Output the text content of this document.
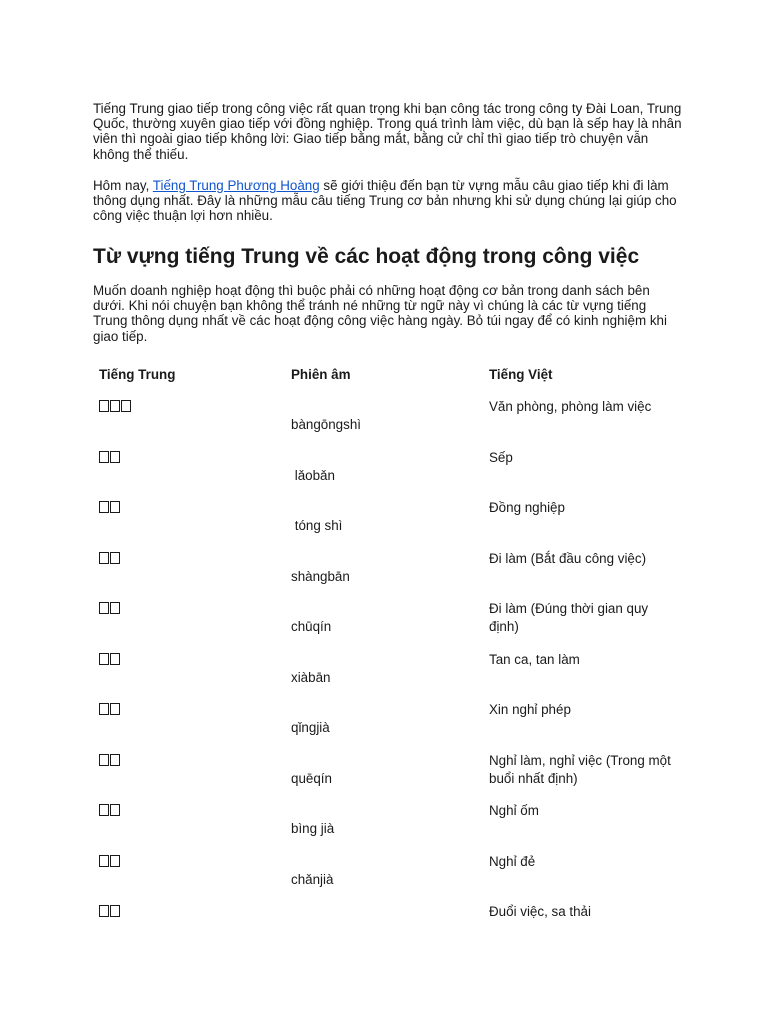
Tiếng Trung giao tiếp trong công việc rất quan trọng khi bạn công tác trong công ty Đài Loan, Trung Quốc, thường xuyên giao tiếp với đồng nghiệp. Trong quá trình làm việc, dù bạn là sếp hay là nhân viên thì ngoài giao tiếp không lời: Giao tiếp bằng mắt, bằng cử chỉ thì giao tiếp trò chuyện vẫn không thể thiếu.

Hôm nay, Tiếng Trung Phương Hoàng sẽ giới thiệu đến bạn từ vựng mẫu câu giao tiếp khi đi làm thông dụng nhất. Đây là những mẫu câu tiếng Trung cơ bản nhưng khi sử dụng chúng lại giúp cho công việc thuận lợi hơn nhiều.

Từ vựng tiếng Trung về các hoạt động trong công việc

Muốn doanh nghiệp hoạt động thì buộc phải có những hoạt động cơ bản trong danh sách bên dưới. Khi nói chuyện bạn không thể tránh né những từ ngữ này vì chúng là các từ vựng tiếng Trung thông dụng nhất về các hoạt động công việc hàng ngày. Bỏ túi ngay để có kinh nghiệm khi giao tiếp.

Tiếng Trung	Phiên âm	Tiếng Việt
bàngōngshì
Văn phòng, phòng làm việc
lǎobǎn
Sếp
tóng shì
Đồng nghiệp
shàngbān
Đi làm (Bắt đầu công việc)
chūqín
Đi làm (Đúng thời gian quy định)
xiàbān
Tan ca, tan làm
qǐngjià
Xin nghỉ phép
quēqín
Nghỉ làm, nghỉ việc (Trong một buổi nhất định)
bìng jià
Nghỉ ốm
chǎnjià
Nghỉ đẻ
Đuổi việc, sa thải
